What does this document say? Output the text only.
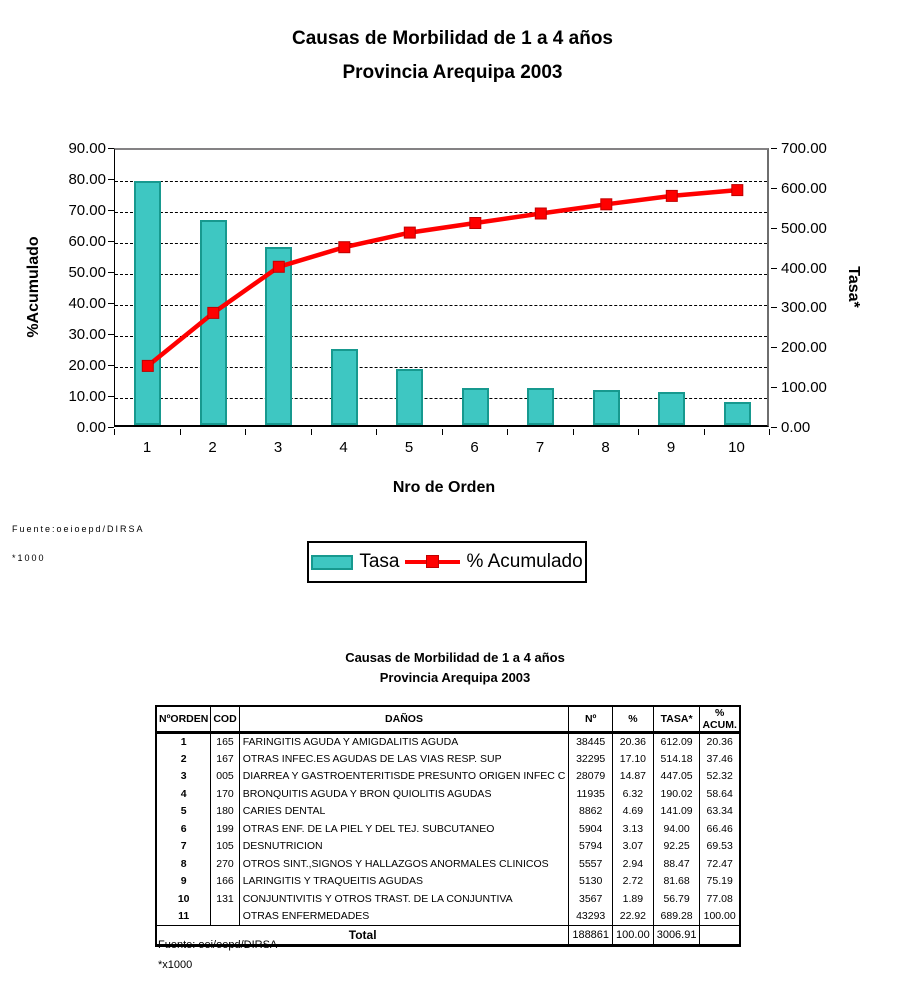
Causas de Morbilidad de 1 a 4 años
Provincia Arequipa 2003
%Acumulado	Tasa*
0.00
10.00
20.00
30.00
40.00
50.00
60.00
70.00
80.00
90.00
0.00
100.00
200.00
300.00
400.00
500.00
600.00
700.00
1	2	3	4	5	6	7	8	9	10
Nro de Orden
Fuente:oeioepd/DIRSA
*1000	Tasa	% Acumulado
Causas de Morbilidad de 1 a 4 años
Provincia Arequipa 2003
NºORDEN	COD	DAÑOS	Nº	%	TASA*	% ACUM.
1	165	FARINGITIS AGUDA Y AMIGDALITIS AGUDA	38445	20.36	612.09	20.36
2	167	OTRAS INFEC.ES AGUDAS DE LAS VIAS RESP. SUP	32295	17.10	514.18	37.46
3	005	DIARREA Y GASTROENTERITISDE PRESUNTO ORIGEN INFEC C	28079	14.87	447.05	52.32
4	170	BRONQUITIS AGUDA Y BRON QUIOLITIS AGUDAS	11935	6.32	190.02	58.64
5	180	CARIES DENTAL	8862	4.69	141.09	63.34
6	199	OTRAS ENF. DE LA PIEL Y DEL TEJ. SUBCUTANEO	5904	3.13	94.00	66.46
7	105	DESNUTRICION	5794	3.07	92.25	69.53
8	270	OTROS SINT.,SIGNOS Y HALLAZGOS ANORMALES CLINICOS	5557	2.94	88.47	72.47
9	166	LARINGITIS Y TRAQUEITIS AGUDAS	5130	2.72	81.68	75.19
10	131	CONJUNTIVITIS Y OTROS TRAST. DE LA CONJUNTIVA	3567	1.89	56.79	77.08
11		OTRAS ENFERMEDADES	43293	22.92	689.28	100.00
Total			188861	100.00	3006.91	
Fuente: oei/oepd/DIRSA
*x1000
